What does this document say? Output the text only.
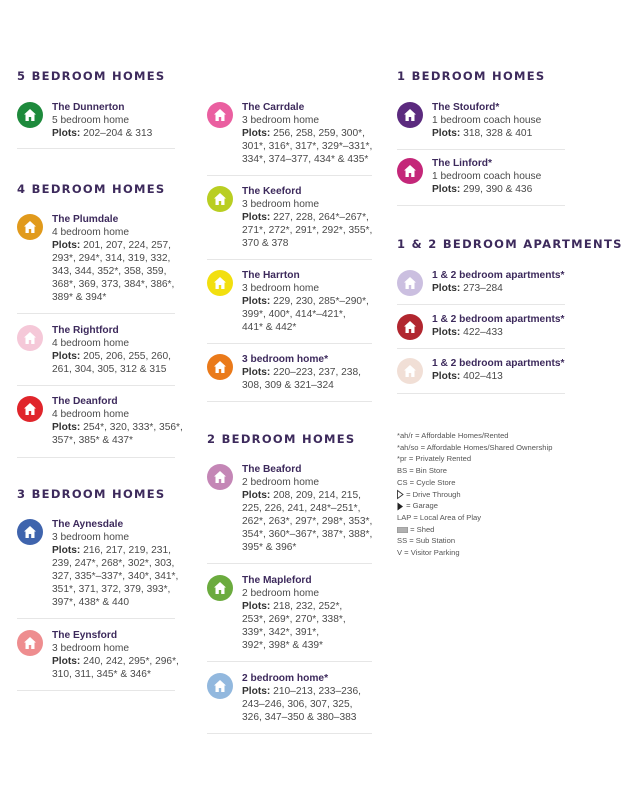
5 BEDROOM HOMES
The Dunnerton
5 bedroom home
Plots: 202–204 & 313
4 BEDROOM HOMES
The Plumdale
4 bedroom home
Plots: 201, 207, 224, 257,
293*, 294*, 314, 319, 332,
343, 344, 352*, 358, 359,
368*, 369, 373, 384*, 386*,
389* & 394*
The Rightford
4 bedroom home
Plots: 205, 206, 255, 260,
261, 304, 305, 312 & 315
The Deanford
4 bedroom home
Plots: 254*, 320, 333*, 356*,
357*, 385* & 437*
3 BEDROOM HOMES
The Aynesdale
3 bedroom home
Plots: 216, 217, 219, 231,
239, 247*, 268*, 302*, 303,
327, 335*–337*, 340*, 341*,
351*, 371, 372, 379, 393*,
397*, 438* & 440
The Eynsford
3 bedroom home
Plots: 240, 242, 295*, 296*,
310, 311, 345* & 346*
The Carrdale
3 bedroom home
Plots: 256, 258, 259, 300*,
301*, 316*, 317*, 329*–331*,
334*, 374–377, 434* & 435*
The Keeford
3 bedroom home
Plots: 227, 228, 264*–267*,
271*, 272*, 291*, 292*, 355*,
370 & 378
The Harrton
3 bedroom home
Plots: 229, 230, 285*–290*,
399*, 400*, 414*–421*,
441* & 442*
3 bedroom home*
Plots: 220–223, 237, 238,
308, 309 & 321–324
2 BEDROOM HOMES
The Beaford
2 bedroom home
Plots: 208, 209, 214, 215,
225, 226, 241, 248*–251*,
262*, 263*, 297*, 298*, 353*,
354*, 360*–367*, 387*, 388*,
395* & 396*
The Mapleford
2 bedroom home
Plots: 218, 232, 252*,
253*, 269*, 270*, 338*,
339*, 342*, 391*,
392*, 398* & 439*
2 bedroom home*
Plots: 210–213, 233–236,
243–246, 306, 307, 325,
326, 347–350 & 380–383
1 BEDROOM HOMES
The Stouford*
1 bedroom coach house
Plots: 318, 328 & 401
The Linford*
1 bedroom coach house
Plots: 299, 390 & 436
1 & 2 BEDROOM APARTMENTS
1 & 2 bedroom apartments*
Plots: 273–284
1 & 2 bedroom apartments*
Plots: 422–433
1 & 2 bedroom apartments*
Plots: 402–413
*ah/r = Affordable Homes/Rented
*ah/so = Affordable Homes/Shared Ownership
*pr = Privately Rented
BS = Bin Store
CS = Cycle Store
= Drive Through
= Garage
LAP = Local Area of Play
= Shed
SS = Sub Station
V = Visitor Parking
